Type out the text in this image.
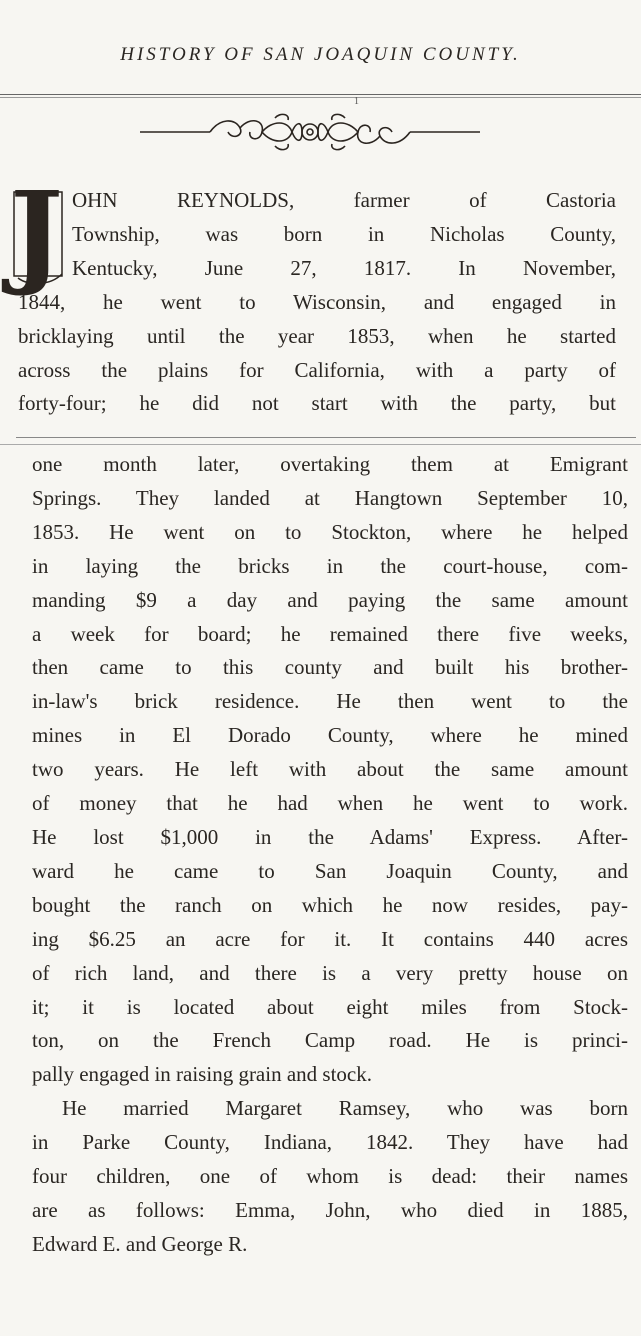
HISTORY OF SAN JOAQUIN COUNTY.
1
J OHN REYNOLDS, farmer of Castoria
Township, was born in Nicholas County,
Kentucky, June 27, 1817. In November,
1844, he went to Wisconsin, and engaged in
bricklaying until the year 1853, when he started
across the plains for California, with a party of
forty-four; he did not start with the party, but
one month later, overtaking them at Emigrant
Springs. They landed at Hangtown September 10,
1853. He went on to Stockton, where he helped
in laying the bricks in the court-house, com-
manding $9 a day and paying the same amount
a week for board; he remained there five weeks,
then came to this county and built his brother-
in-law's brick residence. He then went to the
mines in El Dorado County, where he mined
two years. He left with about the same amount
of money that he had when he went to work.
He lost $1,000 in the Adams' Express. After-
ward he came to San Joaquin County, and
bought the ranch on which he now resides, pay-
ing $6.25 an acre for it. It contains 440 acres
of rich land, and there is a very pretty house on
it; it is located about eight miles from Stock-
ton, on the French Camp road. He is princi-
pally engaged in raising grain and stock.
He married Margaret Ramsey, who was born
in Parke County, Indiana, 1842. They have had
four children, one of whom is dead: their names
are as follows: Emma, John, who died in 1885,
Edward E. and George R.
